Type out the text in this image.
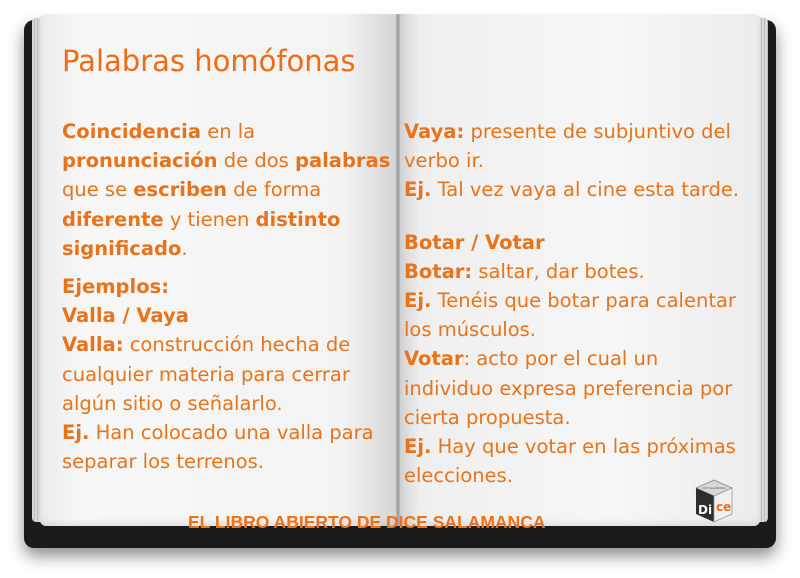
Palabras homófonas
Coincidencia en la
pronunciación de dos palabras
que se escriben de forma
diferente y tienen distinto
significado.
Ejemplos:
Valla / Vaya
Valla: construcción hecha de
cualquier materia para cerrar
algún sitio o señalarlo.
Ej. Han colocado una valla para
separar los terrenos.
Vaya: presente de subjuntivo del
verbo ir.
Ej. Tal vez vaya al cine esta tarde.
Botar / Votar
Botar: saltar, dar botes.
Ej. Tenéis que botar para calentar
los músculos.
Votar: acto por el cual un
individuo expresa preferencia por
cierta propuesta.
Ej. Hay que votar en las próximas
elecciones.
EL LIBRO ABIERTO DE DICE SALAMANCA
DICE SALAMANCA
Di ce
